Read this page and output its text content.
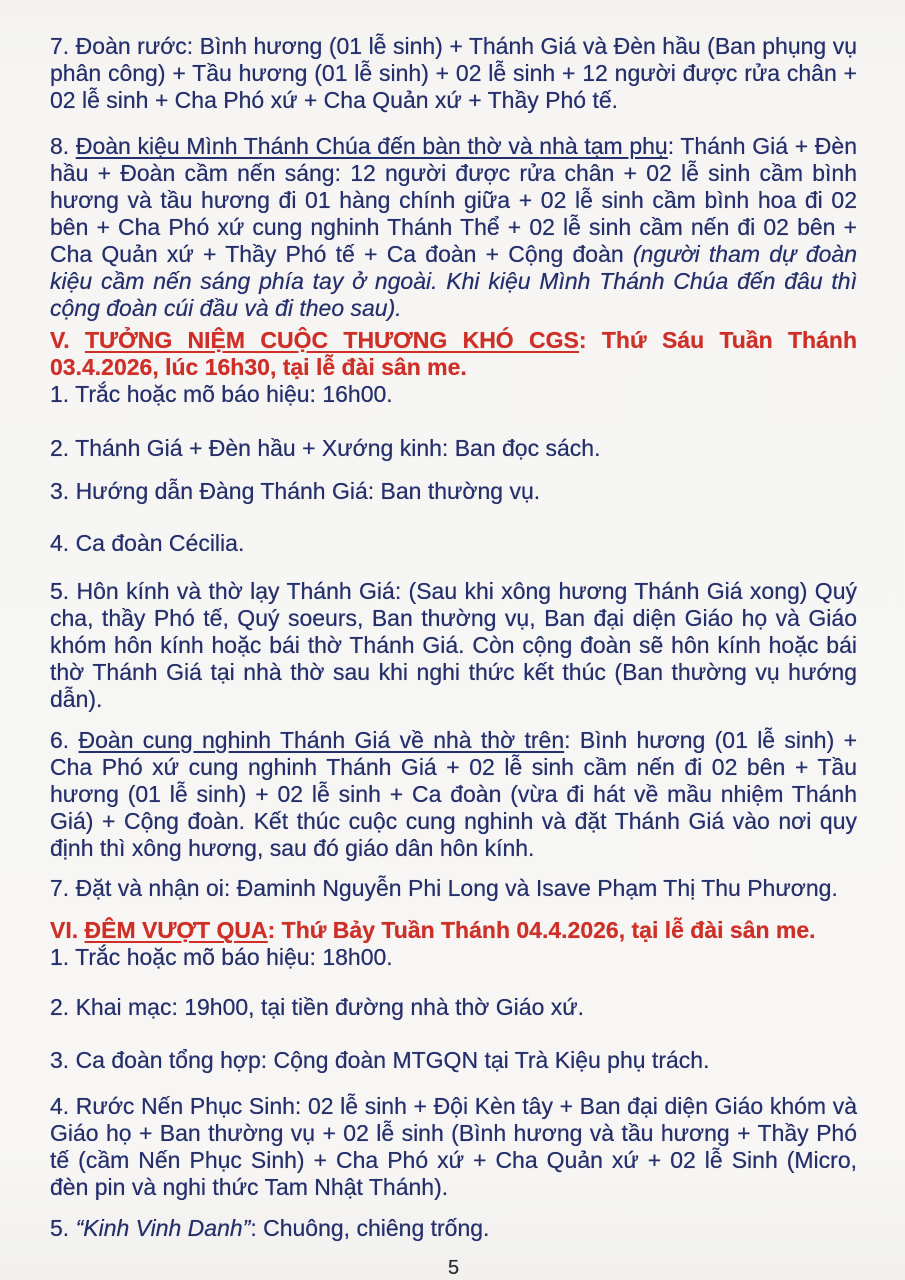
7. Đoàn rước: Bình hương (01 lễ sinh) + Thánh Giá và Đèn hầu (Ban phụng vụ phân công) + Tầu hương (01 lễ sinh) + 02 lễ sinh + 12 người được rửa chân + 02 lễ sinh + Cha Phó xứ + Cha Quản xứ + Thầy Phó tế.

8. Đoàn kiệu Mình Thánh Chúa đến bàn thờ và nhà tạm phụ: Thánh Giá + Đèn hầu + Đoàn cầm nến sáng: 12 người được rửa chân + 02 lễ sinh cầm bình hương và tầu hương đi 01 hàng chính giữa + 02 lễ sinh cầm bình hoa đi 02 bên + Cha Phó xứ cung nghinh Thánh Thể + 02 lễ sinh cầm nến đi 02 bên + Cha Quản xứ + Thầy Phó tế + Ca đoàn + Cộng đoàn (người tham dự đoàn kiệu cầm nến sáng phía tay ở ngoài. Khi kiệu Mình Thánh Chúa đến đâu thì cộng đoàn cúi đầu và đi theo sau).

V. TƯỞNG NIỆM CUỘC THƯƠNG KHÓ CGS: Thứ Sáu Tuần Thánh 03.4.2026, lúc 16h30, tại lễ đài sân me.

1. Trắc hoặc mõ báo hiệu: 16h00.

2. Thánh Giá + Đèn hầu + Xướng kinh: Ban đọc sách.

3. Hướng dẫn Đàng Thánh Giá: Ban thường vụ.

4. Ca đoàn Cécilia.

5. Hôn kính và thờ lạy Thánh Giá: (Sau khi xông hương Thánh Giá xong) Quý cha, thầy Phó tế, Quý soeurs, Ban thường vụ, Ban đại diện Giáo họ và Giáo khóm hôn kính hoặc bái thờ Thánh Giá. Còn cộng đoàn sẽ hôn kính hoặc bái thờ Thánh Giá tại nhà thờ sau khi nghi thức kết thúc (Ban thường vụ hướng dẫn).

6. Đoàn cung nghinh Thánh Giá về nhà thờ trên: Bình hương (01 lễ sinh) + Cha Phó xứ cung nghinh Thánh Giá + 02 lễ sinh cầm nến đi 02 bên + Tầu hương (01 lễ sinh) + 02 lễ sinh + Ca đoàn (vừa đi hát về mầu nhiệm Thánh Giá) + Cộng đoàn. Kết thúc cuộc cung nghinh và đặt Thánh Giá vào nơi quy định thì xông hương, sau đó giáo dân hôn kính.

7. Đặt và nhận oi: Đaminh Nguyễn Phi Long và Isave Phạm Thị Thu Phương.

VI. ĐÊM VƯỢT QUA: Thứ Bảy Tuần Thánh 04.4.2026, tại lễ đài sân me.

1. Trắc hoặc mõ báo hiệu: 18h00.

2. Khai mạc: 19h00, tại tiền đường nhà thờ Giáo xứ.

3. Ca đoàn tổng hợp: Cộng đoàn MTGQN tại Trà Kiệu phụ trách.

4. Rước Nến Phục Sinh: 02 lễ sinh + Đội Kèn tây + Ban đại diện Giáo khóm và Giáo họ + Ban thường vụ + 02 lễ sinh (Bình hương và tầu hương + Thầy Phó tế (cầm Nến Phục Sinh) + Cha Phó xứ + Cha Quản xứ + 02 lễ Sinh (Micro, đèn pin và nghi thức Tam Nhật Thánh).

5. “Kinh Vinh Danh”: Chuông, chiêng trống.

5
